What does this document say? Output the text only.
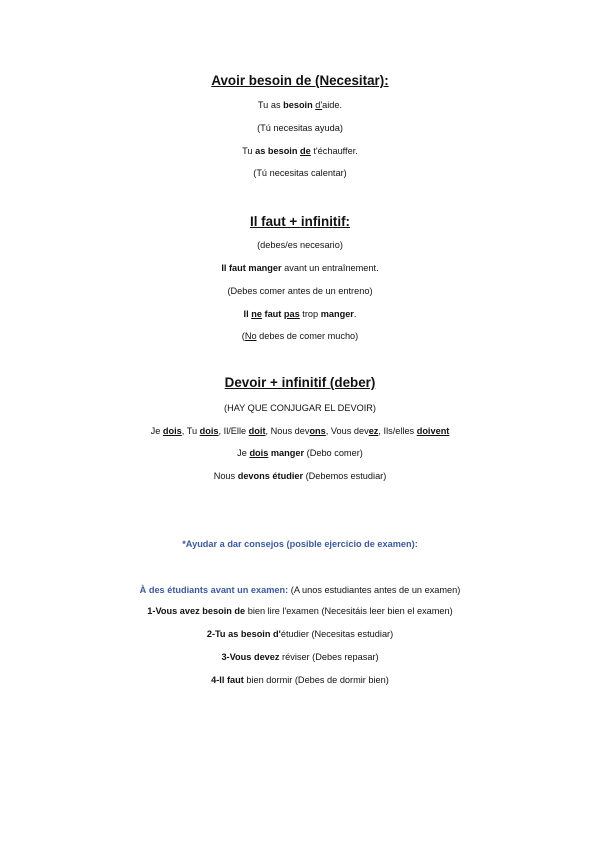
Avoir besoin de (Necesitar):
Tu as besoin d'aide.
(Tú necesitas ayuda)
Tu as besoin de t'échauffer.
(Tú necesitas calentar)
Il faut + infinitif:
(debes/es necesario)
Il faut manger avant un entraînement.
(Debes comer antes de un entreno)
Il ne faut pas trop manger.
(No debes de comer mucho)
Devoir + infinitif (deber)
(HAY QUE CONJUGAR EL DEVOIR)
Je dois, Tu dois, Il/Elle doit, Nous devons, Vous devez, Ils/elles doivent
Je dois manger (Debo comer)
Nous devons étudier (Debemos estudiar)
*Ayudar a dar consejos (posible ejercicio de examen):
À des étudiants avant un examen: (A unos estudiantes antes de un examen)
1-Vous avez besoin de bien lire l'examen (Necesitáis leer bien el examen)
2-Tu as besoin d'étudier (Necesitas estudiar)
3-Vous devez réviser (Debes repasar)
4-Il faut bien dormir (Debes de dormir bien)
